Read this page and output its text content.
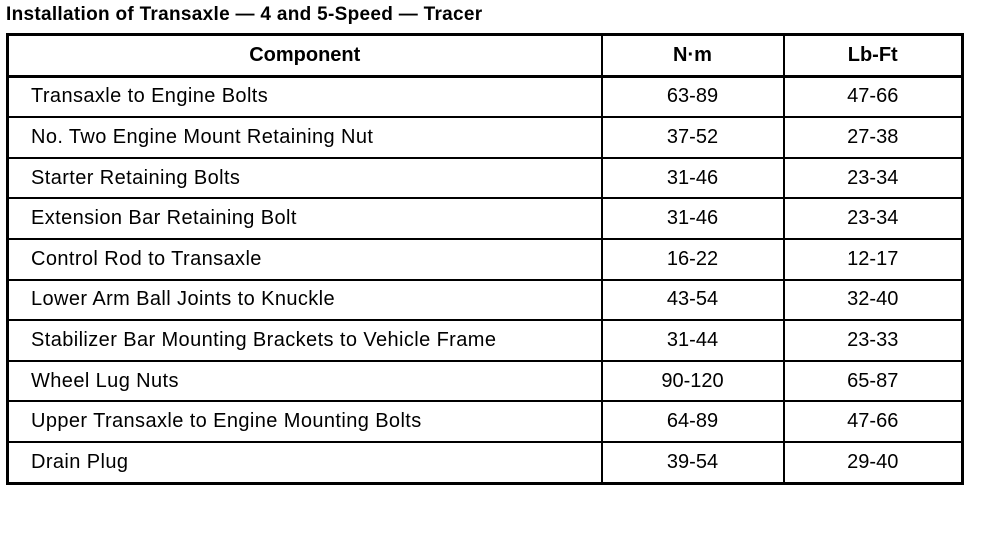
Installation of Transaxle — 4 and 5-Speed — Tracer
Component	N·m	Lb-Ft
Transaxle to Engine Bolts	63-89	47-66
No. Two Engine Mount Retaining Nut	37-52	27-38
Starter Retaining Bolts	31-46	23-34
Extension Bar Retaining Bolt	31-46	23-34
Control Rod to Transaxle	16-22	12-17
Lower Arm Ball Joints to Knuckle	43-54	32-40
Stabilizer Bar Mounting Brackets to Vehicle Frame	31-44	23-33
Wheel Lug Nuts	90-120	65-87
Upper Transaxle to Engine Mounting Bolts	64-89	47-66
Drain Plug	39-54	29-40
